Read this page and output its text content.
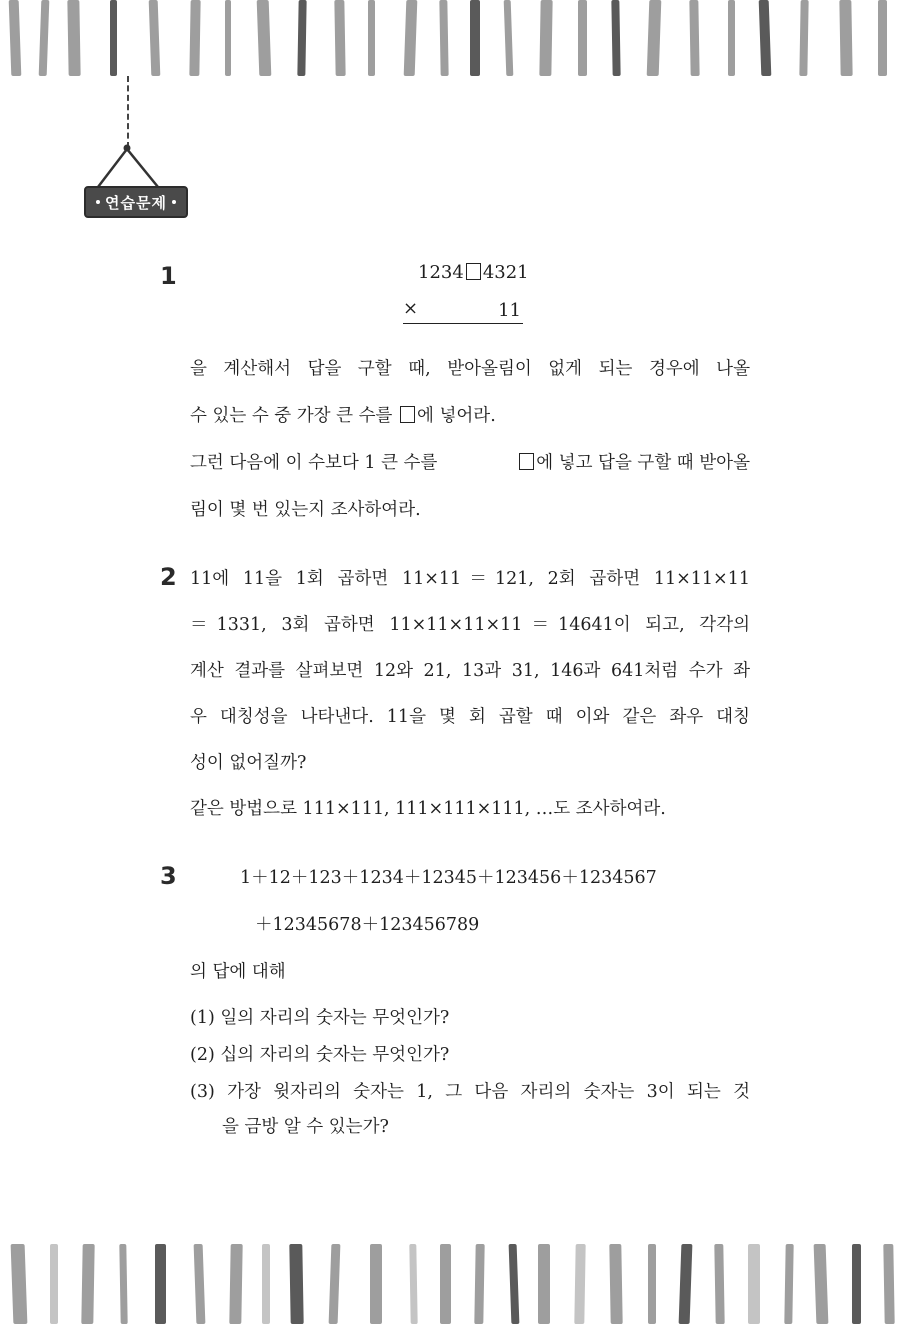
연습문제
1	1234 4321
×	11
을 계산해서 답을 구할 때, 받아올림이 없게 되는 경우에 나올
수 있는 수 중 가장 큰 수를 에 넣어라.
그런 다음에 이 수보다 1 큰 수를	에 넣고 답을 구할 때 받아올
림이 몇 번 있는지 조사하여라.
2 11에 11을 1회 곱하면 11×11＝121, 2회 곱하면 11×11×11
＝1331, 3회 곱하면 11×11×11×11＝14641이 되고, 각각의
계산 결과를 살펴보면 12와 21, 13과 31, 146과 641처럼 수가 좌
우 대칭성을 나타낸다. 11을 몇 회 곱할 때 이와 같은 좌우 대칭
성이 없어질까?
같은 방법으로 111×111, 111×111×111, …도 조사하여라.
3	1＋12＋123＋1234＋12345＋123456＋1234567
＋12345678＋123456789
의 답에 대해
(1) 일의 자리의 숫자는 무엇인가?
(2) 십의 자리의 숫자는 무엇인가?
(3) 가장 윗자리의 숫자는 1, 그 다음 자리의 숫자는 3이 되는 것
을 금방 알 수 있는가?
